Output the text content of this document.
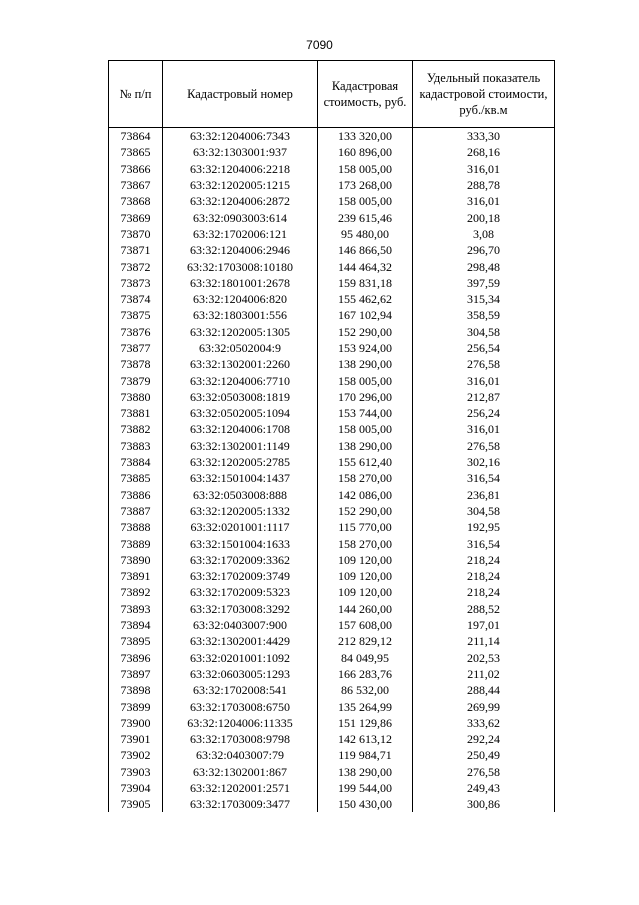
7090
№ п/п	Кадастровый номер	Кадастровая стоимость, руб.	Удельный показатель кадастровой стоимости, руб./кв.м
73864	63:32:1204006:7343	133 320,00	333,30
73865	63:32:1303001:937	160 896,00	268,16
73866	63:32:1204006:2218	158 005,00	316,01
73867	63:32:1202005:1215	173 268,00	288,78
73868	63:32:1204006:2872	158 005,00	316,01
73869	63:32:0903003:614	239 615,46	200,18
73870	63:32:1702006:121	95 480,00	3,08
73871	63:32:1204006:2946	146 866,50	296,70
73872	63:32:1703008:10180	144 464,32	298,48
73873	63:32:1801001:2678	159 831,18	397,59
73874	63:32:1204006:820	155 462,62	315,34
73875	63:32:1803001:556	167 102,94	358,59
73876	63:32:1202005:1305	152 290,00	304,58
73877	63:32:0502004:9	153 924,00	256,54
73878	63:32:1302001:2260	138 290,00	276,58
73879	63:32:1204006:7710	158 005,00	316,01
73880	63:32:0503008:1819	170 296,00	212,87
73881	63:32:0502005:1094	153 744,00	256,24
73882	63:32:1204006:1708	158 005,00	316,01
73883	63:32:1302001:1149	138 290,00	276,58
73884	63:32:1202005:2785	155 612,40	302,16
73885	63:32:1501004:1437	158 270,00	316,54
73886	63:32:0503008:888	142 086,00	236,81
73887	63:32:1202005:1332	152 290,00	304,58
73888	63:32:0201001:1117	115 770,00	192,95
73889	63:32:1501004:1633	158 270,00	316,54
73890	63:32:1702009:3362	109 120,00	218,24
73891	63:32:1702009:3749	109 120,00	218,24
73892	63:32:1702009:5323	109 120,00	218,24
73893	63:32:1703008:3292	144 260,00	288,52
73894	63:32:0403007:900	157 608,00	197,01
73895	63:32:1302001:4429	212 829,12	211,14
73896	63:32:0201001:1092	84 049,95	202,53
73897	63:32:0603005:1293	166 283,76	211,02
73898	63:32:1702008:541	86 532,00	288,44
73899	63:32:1703008:6750	135 264,99	269,99
73900	63:32:1204006:11335	151 129,86	333,62
73901	63:32:1703008:9798	142 613,12	292,24
73902	63:32:0403007:79	119 984,71	250,49
73903	63:32:1302001:867	138 290,00	276,58
73904	63:32:1202001:2571	199 544,00	249,43
73905	63:32:1703009:3477	150 430,00	300,86
